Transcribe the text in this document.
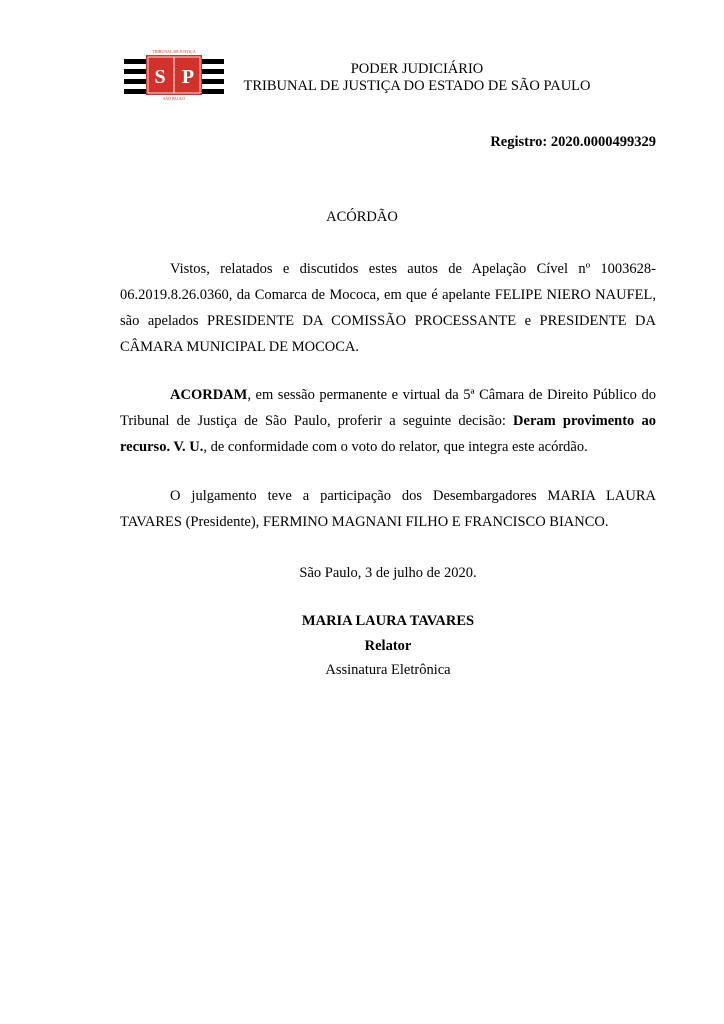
S P
TRIBUNAL DE JUSTIÇA
SÃO PAULO
PODER JUDICIÁRIO
TRIBUNAL DE JUSTIÇA DO ESTADO DE SÃO PAULO
Registro: 2020.0000499329
ACÓRDÃO

Vistos, relatados e discutidos estes autos de Apelação Cível nº 1003628-06.2019.8.26.0360, da Comarca de Mococa, em que é apelante FELIPE NIERO NAUFEL, são apelados PRESIDENTE DA COMISSÃO PROCESSANTE e PRESIDENTE DA CÂMARA MUNICIPAL DE MOCOCA.

ACORDAM, em sessão permanente e virtual da 5ª Câmara de Direito Público do Tribunal de Justiça de São Paulo, proferir a seguinte decisão: Deram provimento ao recurso. V. U., de conformidade com o voto do relator, que integra este acórdão.

O julgamento teve a participação dos Desembargadores MARIA LAURA TAVARES (Presidente), FERMINO MAGNANI FILHO E FRANCISCO BIANCO.

São Paulo, 3 de julho de 2020.
MARIA LAURA TAVARES
Relator
Assinatura Eletrônica
